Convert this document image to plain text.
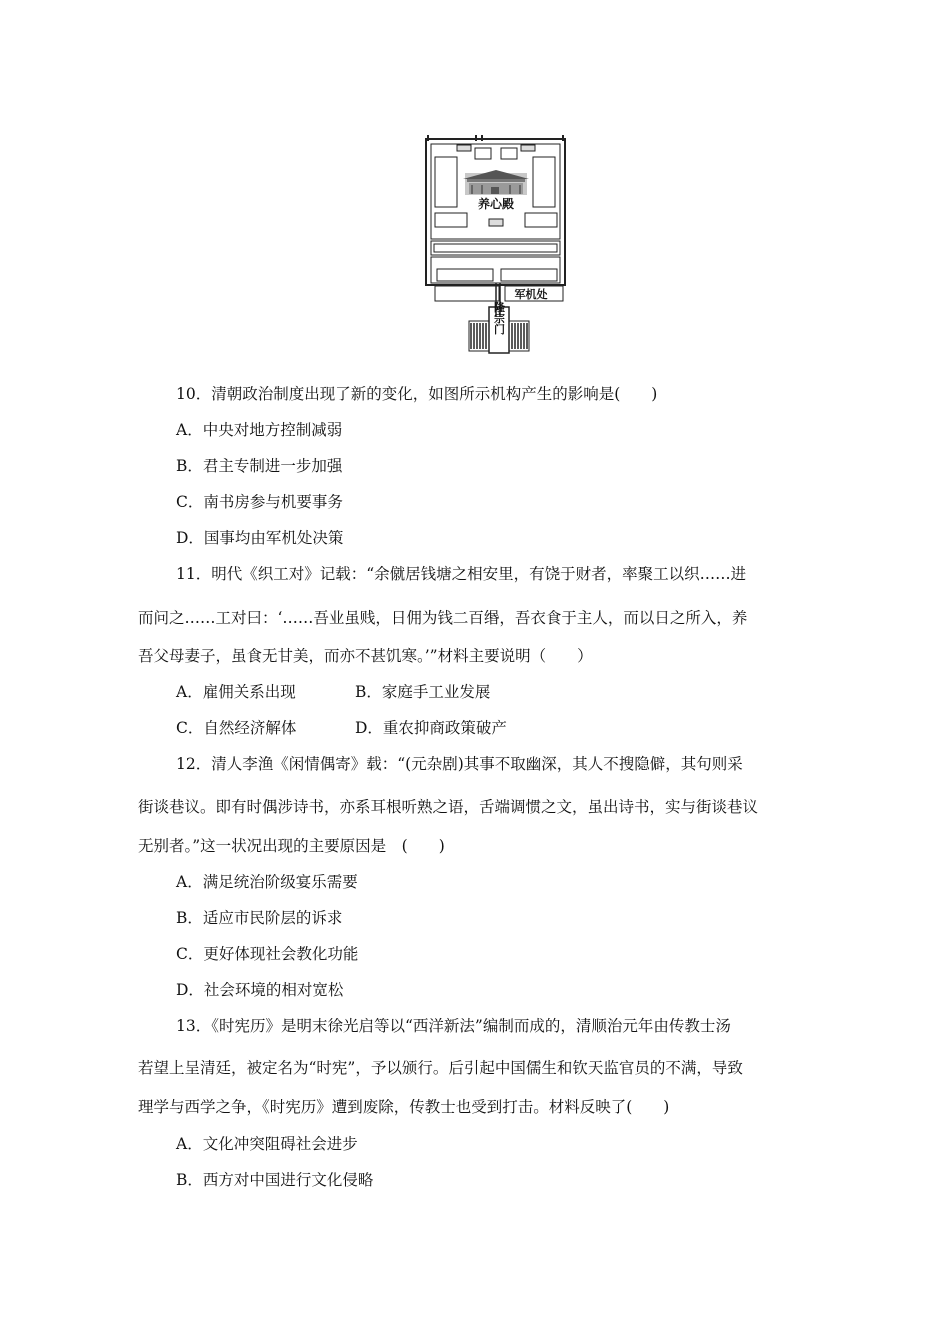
养心殿
军机处
隆宗门
10．清朝政治制度出现了新的变化，如图所示机构产生的影响是(　　)
A．中央对地方控制减弱
B．君主专制进一步加强
C．南书房参与机要事务
D．国事均由军机处决策
11．明代《织工对》记载：“余僦居钱塘之相安里，有饶于财者，率聚工以织……进
而问之……工对曰：‘……吾业虽贱，日佣为钱二百缗，吾衣食于主人，而以日之所入，养
吾父母妻子，虽食无甘美，而亦不甚饥寒。’”材料主要说明（　　）
A．雇佣关系出现	B．家庭手工业发展
C．自然经济解体	D．重农抑商政策破产
12．清人李渔《闲情偶寄》载：“(元杂剧)其事不取幽深，其人不搜隐僻，其句则采
街谈巷议。即有时偶涉诗书，亦系耳根听熟之语，舌端调惯之文，虽出诗书，实与街谈巷议
无别者。”这一状况出现的主要原因是　(　　)
A．满足统治阶级宴乐需要
B．适应市民阶层的诉求
C．更好体现社会教化功能
D．社会环境的相对宽松
13．《时宪历》是明末徐光启等以“西洋新法”编制而成的，清顺治元年由传教士汤
若望上呈清廷，被定名为“时宪”，予以颁行。后引起中国儒生和钦天监官员的不满，导致
理学与西学之争，《时宪历》遭到废除，传教士也受到打击。材料反映了(　　)
A．文化冲突阻碍社会进步
B．西方对中国进行文化侵略
